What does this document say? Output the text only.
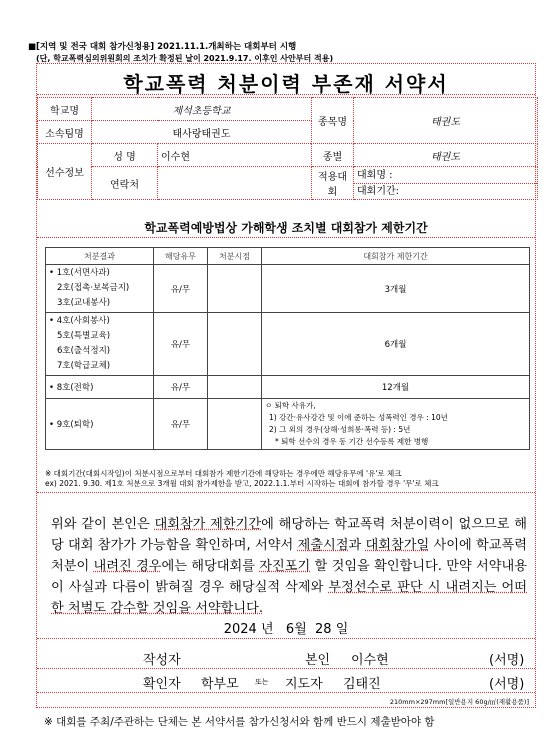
■[지역 및 전국 대회 참가신청용] 2021.11.1.개최하는 대회부터 시행
(단, 학교폭력심의위원회의 조치가 확정된 날이 2021.9.17. 이후인 사안부터 적용)
학교폭력 처분이력 부존재 서약서
학교명	제석초등학교		종목명	태권도
소속팀명	태사랑태권도			
선수정보	성 명	이수현	종별	태권도
	연락처		적용대회	대회명 :
대회기간:
학교폭력예방법상 가해학생 조치별 대회참가 제한기간
처분결과	해당유무	처분시점	대회참가 제한기간

• 1호(서면사과)
2호(접촉·보복금지)
3호(교내봉사)	유/무		3개월

• 4호(사회봉사)
5호(특별교육)
6호(출석정지)
7호(학급교체)	유/무		6개월
• 8호(전학)	유/무		12개월
• 9호(퇴학)	유/무		ㅇ 퇴학 사유가,
1) 강간·유사강간 및 이에 준하는 성폭력인 경우 : 10년
2) 그 외의 경우(상해·성희롱·폭력 등) : 5년
* 퇴학 선수의 경우 동 기간 선수등록 제한 병행
※ 대회기간(대회시작일)이 처분시점으로부터 대회참가 제한기간에 해당하는 경우에만 해당유무에 '유'로 체크
ex) 2021. 9.30. 제1호 처분으로 3개월 대회 참가제한을 받고, 2022.1.1.부터 시작하는 대회에 참가할 경우 '무'로 체크
위와 같이 본인은 대회참가 제한기간에 해당하는 학교폭력 처분이력이 없으므로 해당 대회 참가가 가능함을 확인하며, 서약서 제출시점과 대회참가일 사이에 학교폭력 처분이 내려진 경우에는 해당대회를 자진포기 할 것임을 확인합니다. 만약 서약내용이 사실과 다름이 밝혀질 경우 해당실적 삭제와 부정선수로 판단 시 내려지는 어떠한 처벌도 감수할 것임을 서약합니다.
2024 년 6월 28 일
작성자	본인 이수현	(서명)
확인자 학부모 또는 지도자 김태진	(서명)
210mm×297mm[일반용지 60g/㎡(재활용품)]
※ 대회를 주최/주관하는 단체는 본 서약서를 참가신청서와 함께 반드시 제출받아야 함
